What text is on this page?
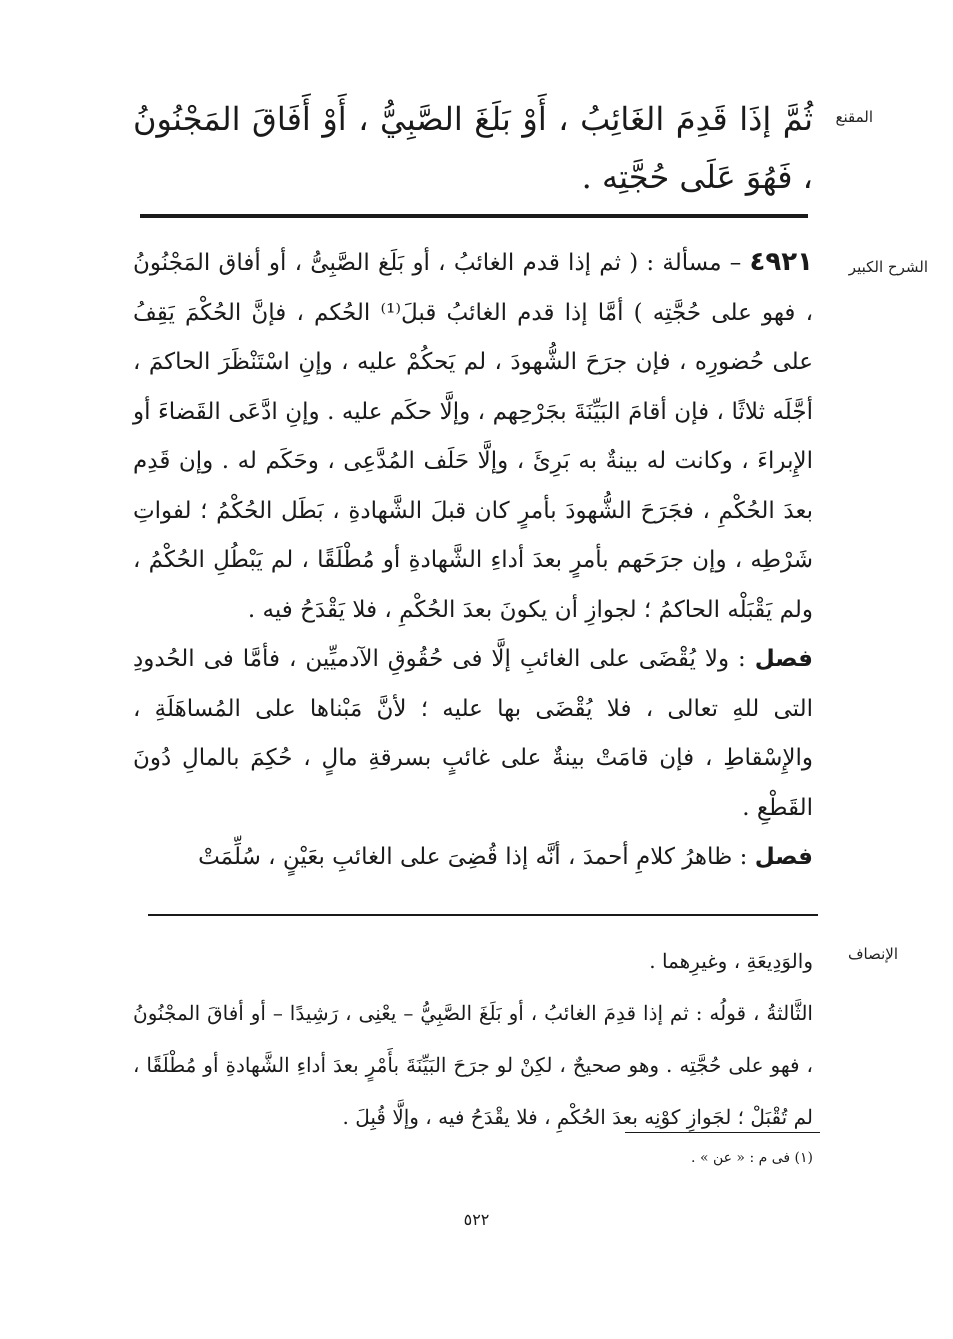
المقنع
ثُمَّ إذَا قَدِمَ الغَائِبُ ، أَوْ بَلَغَ الصَّبِيُّ ، أَوْ أَفَاقَ المَجْنُونُ ، فَهُوَ عَلَى حُجَّتِه .
الشرح الكبير

٤٩٢١ – مسألة : ( ثم إذا قدم الغائبُ ، أو بَلَغ الصَّبِىُّ ، أو أفاق المَجْنُونُ ، فهو على حُجَّتِه ) أمَّا إذا قدم الغائبُ قبلَ⁽¹⁾ الحُكم ، فإنَّ الحُكْمَ يَقِفُ على حُضورِه ، فإن جرَحَ الشُّهودَ ، لم يَحكُمْ عليه ، وإنِ اسْتَنْظَرَ الحاكمَ ، أجَّلَه ثلاثًا ، فإن أقامَ البَيِّنَةَ بجَرْحِهم ، وإلَّا حكَم عليه . وإنِ ادَّعَى القَضاءَ أو الإِبراءَ ، وكانت له بينةٌ به بَرِئَ ، وإلَّا حَلَف المُدَّعِى ، وحَكَم له . وإن قَدِم بعدَ الحُكْمِ ، فجَرَحَ الشُّهودَ بأمرٍ كان قبلَ الشَّهادةِ ، بَطَل الحُكْمُ ؛ لفواتِ شَرْطِه ، وإن جرَحَهم بأمرٍ بعدَ أداءِ الشَّهادةِ أو مُطْلَقًا ، لم يَبْطُلِ الحُكْمُ ، ولم يَقْبَلْه الحاكمُ ؛ لجوازِ أن يكونَ بعدَ الحُكْمِ ، فلا يَقْدَحُ فيه .

فصل : ولا يُقْضَى على الغائبِ إلَّا فى حُقُوقِ الآدميِّين ، فأمَّا فى الحُدودِ التى للهِ تعالى ، فلا يُقْضَى بها عليه ؛ لأنَّ مَبْناها على المُساهَلَةِ ، والإِسْقاطِ ، فإن قامَتْ بينةٌ على غائبٍ بسرقةِ مالٍ ، حُكِمَ بالمالِ دُونَ القَطْعِ .

فصل : ظاهرُ كلامِ أحمدَ ، أنَّه إذا قُضِىَ على الغائبِ بعَيْنٍ ، سُلِّمَتْ

الإنصاف

والوَدِيعَةِ ، وغيرِهما .

الثَّالثةُ ، قولُه : ثم إذا قدِمَ الغائبُ ، أو بَلَغَ الصَّبِيُّ – يعْنِى ، رَشِيدًا – أو أفاقَ المجْنُونُ ، فهو على حُجَّتِه . وهو صحيحٌ ، لكِنْ لو جرَحَ البَيِّنَةَ بأَمْرٍ بعدَ أداءِ الشَّهادةِ أو مُطْلَقًا ، لم تُقْبَلْ ؛ لجَوازِ كوْنِه بعدَ الحُكْمِ ، فلا يقْدَحُ فيه ، وإلَّا قُبِلَ .

(١) فى م : « عن » .
٥٢٢
